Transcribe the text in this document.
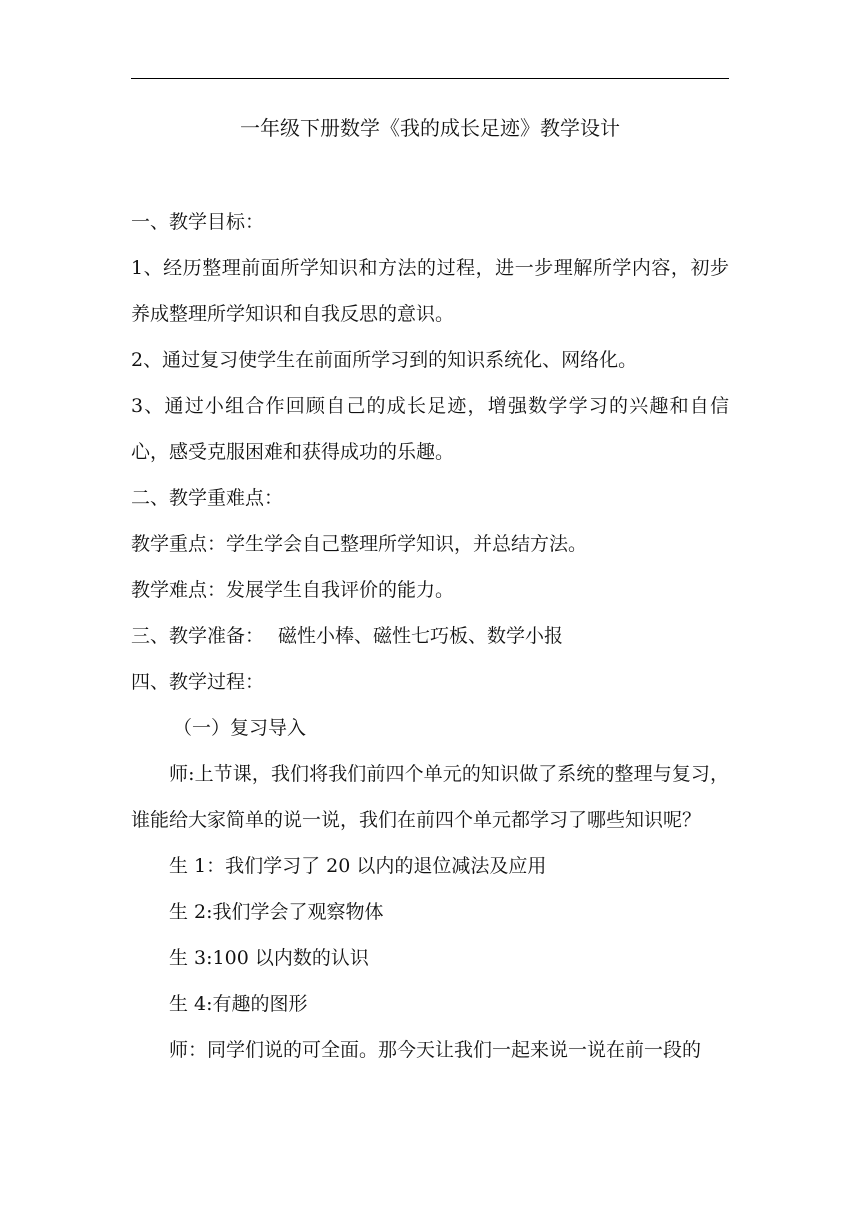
一年级下册数学《我的成长足迹》教学设计

一、教学目标：

1、经历整理前面所学知识和方法的过程，进一步理解所学内容，初步养成整理所学知识和自我反思的意识。

2、通过复习使学生在前面所学习到的知识系统化、网络化。

3、通过小组合作回顾自己的成长足迹，增强数学学习的兴趣和自信心，感受克服困难和获得成功的乐趣。

二、教学重难点：

教学重点：学生学会自己整理所学知识，并总结方法。

教学难点：发展学生自我评价的能力。

三、教学准备： 磁性小棒、磁性七巧板、数学小报

四、教学过程：

（一）复习导入

师:上节课，我们将我们前四个单元的知识做了系统的整理与复习，谁能给大家简单的说一说，我们在前四个单元都学习了哪些知识呢？

生 1：我们学习了 20 以内的退位减法及应用

生 2:我们学会了观察物体

生 3:100 以内数的认识

生 4:有趣的图形

师：同学们说的可全面。那今天让我们一起来说一说在前一段的
